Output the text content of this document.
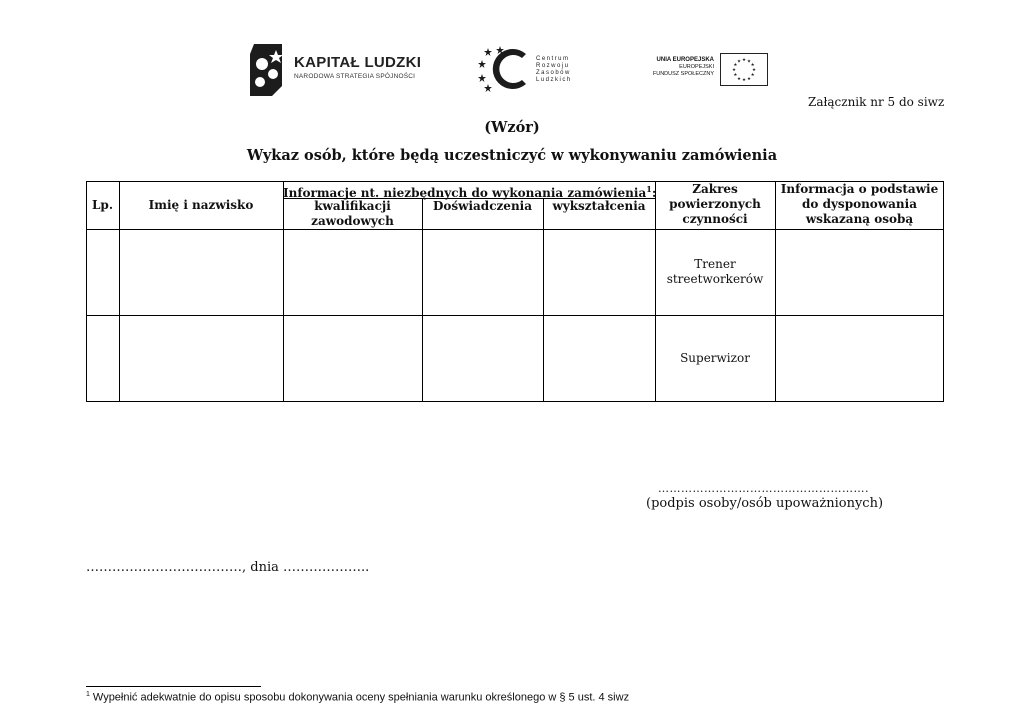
KAPITAŁ LUDZKI
NARODOWA STRATEGIA SPÓJNOŚCI
Centrum
Rozwoju
Zasobów
Ludzkich
UNIA EUROPEJSKA
EUROPEJSKI
FUNDUSZ SPOŁECZNY
★
★
★
★
★
★
★
★
★ ★ ★
★
Załącznik nr 5 do siwz
(Wzór)
Wykaz osób, które będą uczestniczyć w wykonywaniu zamówienia
Lp.	Imię i nazwisko
Informacje nt. niezbędnych do wykonania zamówienia$^1$:
kwalifikacji
zawodowych
Doświadczenia	wykształcenia
Zakres
powierzonych
czynności
Informacja o podstawie
do dysponowania
wskazaną osobą
Trener
streetworkerów
Superwizor
……………………………………………….
(podpis osoby/osób upoważnionych)
………………………………, dnia ………………..
$^1$ Wypełnić adekwatnie do opisu sposobu dokonywania oceny spełniania warunku określonego w § 5 ust. 4 siwz
